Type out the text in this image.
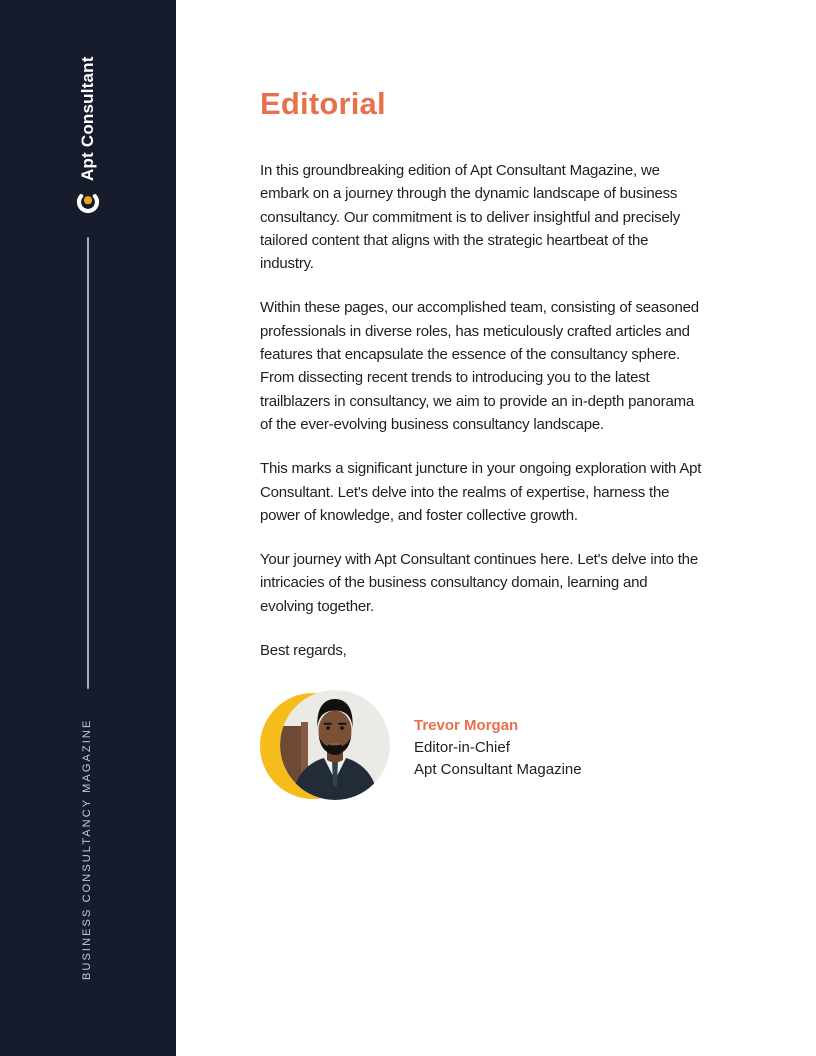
Apt Consultant
BUSINESS CONSULTANCY MAGAZINE
Editorial

In this groundbreaking edition of Apt Consultant Magazine, we embark on a journey through the dynamic landscape of business consultancy. Our commitment is to deliver insightful and precisely tailored content that aligns with the strategic heartbeat of the industry.

Within these pages, our accomplished team, consisting of seasoned professionals in diverse roles, has meticulously crafted articles and features that encapsulate the essence of the consultancy sphere. From dissecting recent trends to introducing you to the latest trailblazers in consultancy, we aim to provide an in-depth panorama of the ever-evolving business consultancy landscape.

This marks a significant juncture in your ongoing exploration with Apt Consultant. Let's delve into the realms of expertise, harness the power of knowledge, and foster collective growth.

Your journey with Apt Consultant continues here. Let's delve into the intricacies of the business consultancy domain, learning and evolving together.

Best regards,

Trevor Morgan
Editor-in-Chief
Apt Consultant Magazine
